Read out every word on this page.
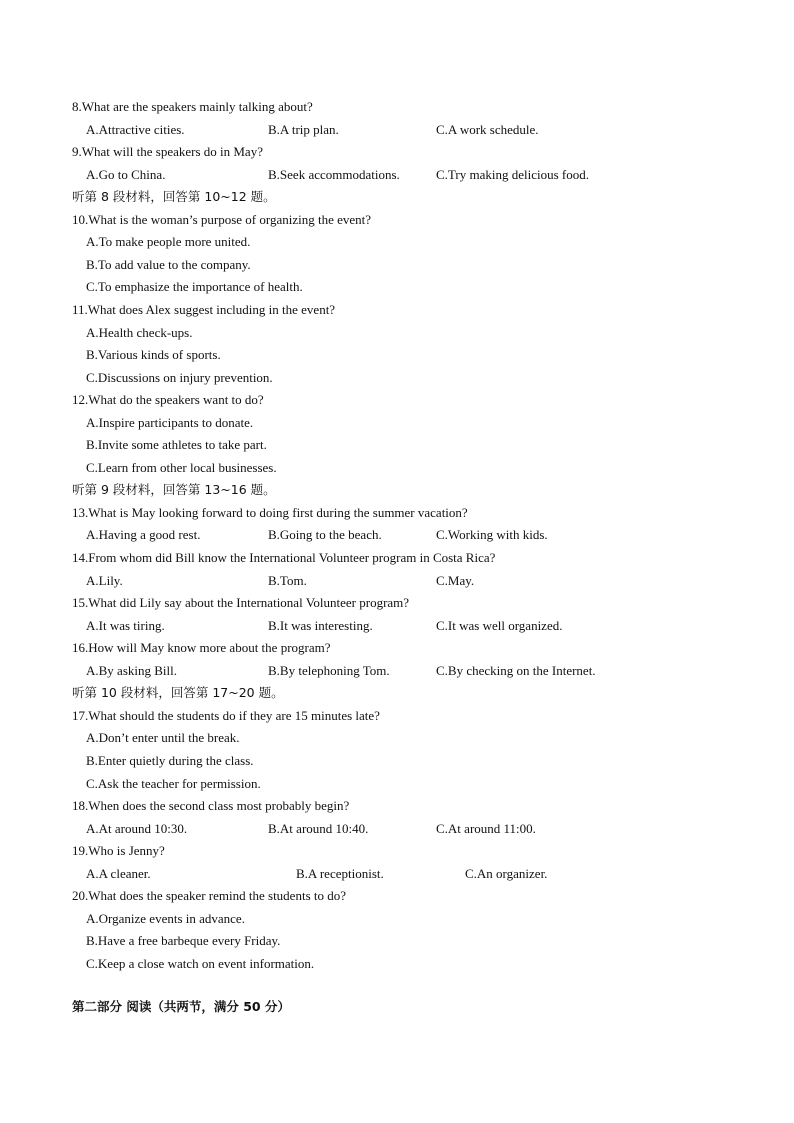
8.What are the speakers mainly talking about?
A.Attractive cities.	B.A trip plan.	C.A work schedule.
9.What will the speakers do in May?
A.Go to China.	B.Seek accommodations.	C.Try making delicious food.
听第 8 段材料，回答第 10~12 题。
10.What is the woman’s purpose of organizing the event?
A.To make people more united.
B.To add value to the company.
C.To emphasize the importance of health.
11.What does Alex suggest including in the event?
A.Health check-ups.
B.Various kinds of sports.
C.Discussions on injury prevention.
12.What do the speakers want to do?
A.Inspire participants to donate.
B.Invite some athletes to take part.
C.Learn from other local businesses.
听第 9 段材料，回答第 13~16 题。
13.What is May looking forward to doing first during the summer vacation?
A.Having a good rest.	B.Going to the beach.	C.Working with kids.
14.From whom did Bill know the International Volunteer program in Costa Rica?
A.Lily.	B.Tom.	C.May.
15.What did Lily say about the International Volunteer program?
A.It was tiring.	B.It was interesting.	C.It was well organized.
16.How will May know more about the program?
A.By asking Bill.	B.By telephoning Tom.	C.By checking on the Internet.
听第 10 段材料，回答第 17~20 题。
17.What should the students do if they are 15 minutes late?
A.Don’t enter until the break.
B.Enter quietly during the class.
C.Ask the teacher for permission.
18.When does the second class most probably begin?
A.At around 10:30.	B.At around 10:40.	C.At around 11:00.
19.Who is Jenny?
A.A cleaner.	B.A receptionist.	C.An organizer.
20.What does the speaker remind the students to do?
A.Organize events in advance.
B.Have a free barbeque every Friday.
C.Keep a close watch on event information.
第二部分 阅读（共两节，满分 50 分）
